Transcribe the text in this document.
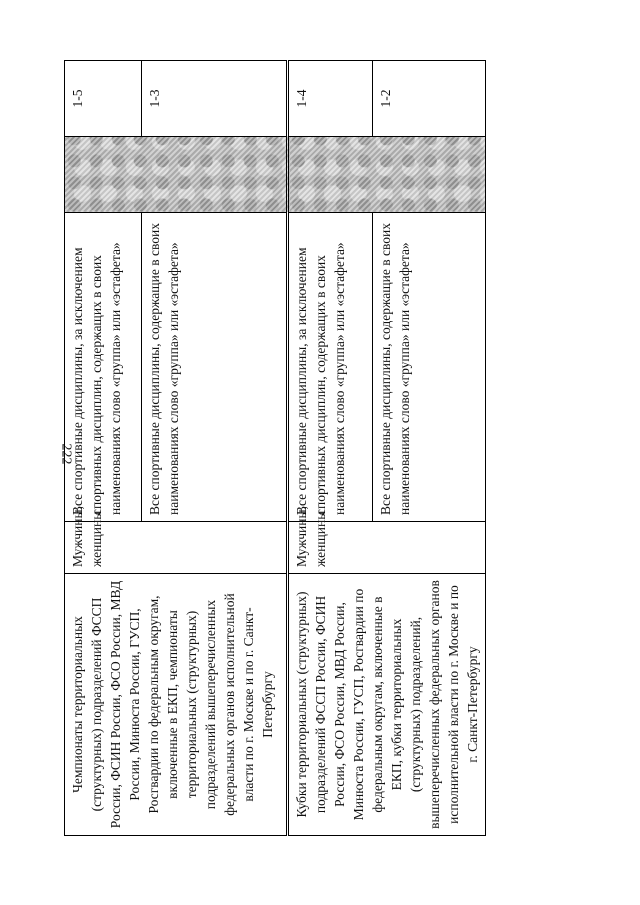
222
Чемпионаты территориальных (структурных) подразделений ФССП России, ФСИН России, ФСО России, МВД России, Минюста России, ГУСП, Росгвардии по федеральным округам, включенные в ЕКП, чемпионаты территориальных (структурных) подразделений вышеперечисленных федеральных органов исполнительной власти по г. Москве и по г. Санкт-Петербургу	Мужчины, женщины	Все спортивные дисциплины, за исключением спортивных дисциплин, содержащих в своих наименованиях слово «группа» или «эстафета»		1-5
		Все спортивные дисциплины, содержащие в своих наименованиях слово «группа» или «эстафета»		1-3
Кубки территориальных (структурных) подразделений ФССП России, ФСИН России, ФСО России, МВД России, Минюста России, ГУСП, Росгвардии по федеральным округам, включенные в ЕКП, кубки территориальных (структурных) подразделений, вышеперечисленных федеральных органов исполнительной власти по г. Москве и по г. Санкт-Петербургу	Мужчины, женщины	Все спортивные дисциплины, за исключением спортивных дисциплин, содержащих в своих наименованиях слово «группа» или «эстафета»		1-4
		Все спортивные дисциплины, содержащие в своих наименованиях слово «группа» или «эстафета»		1-2
